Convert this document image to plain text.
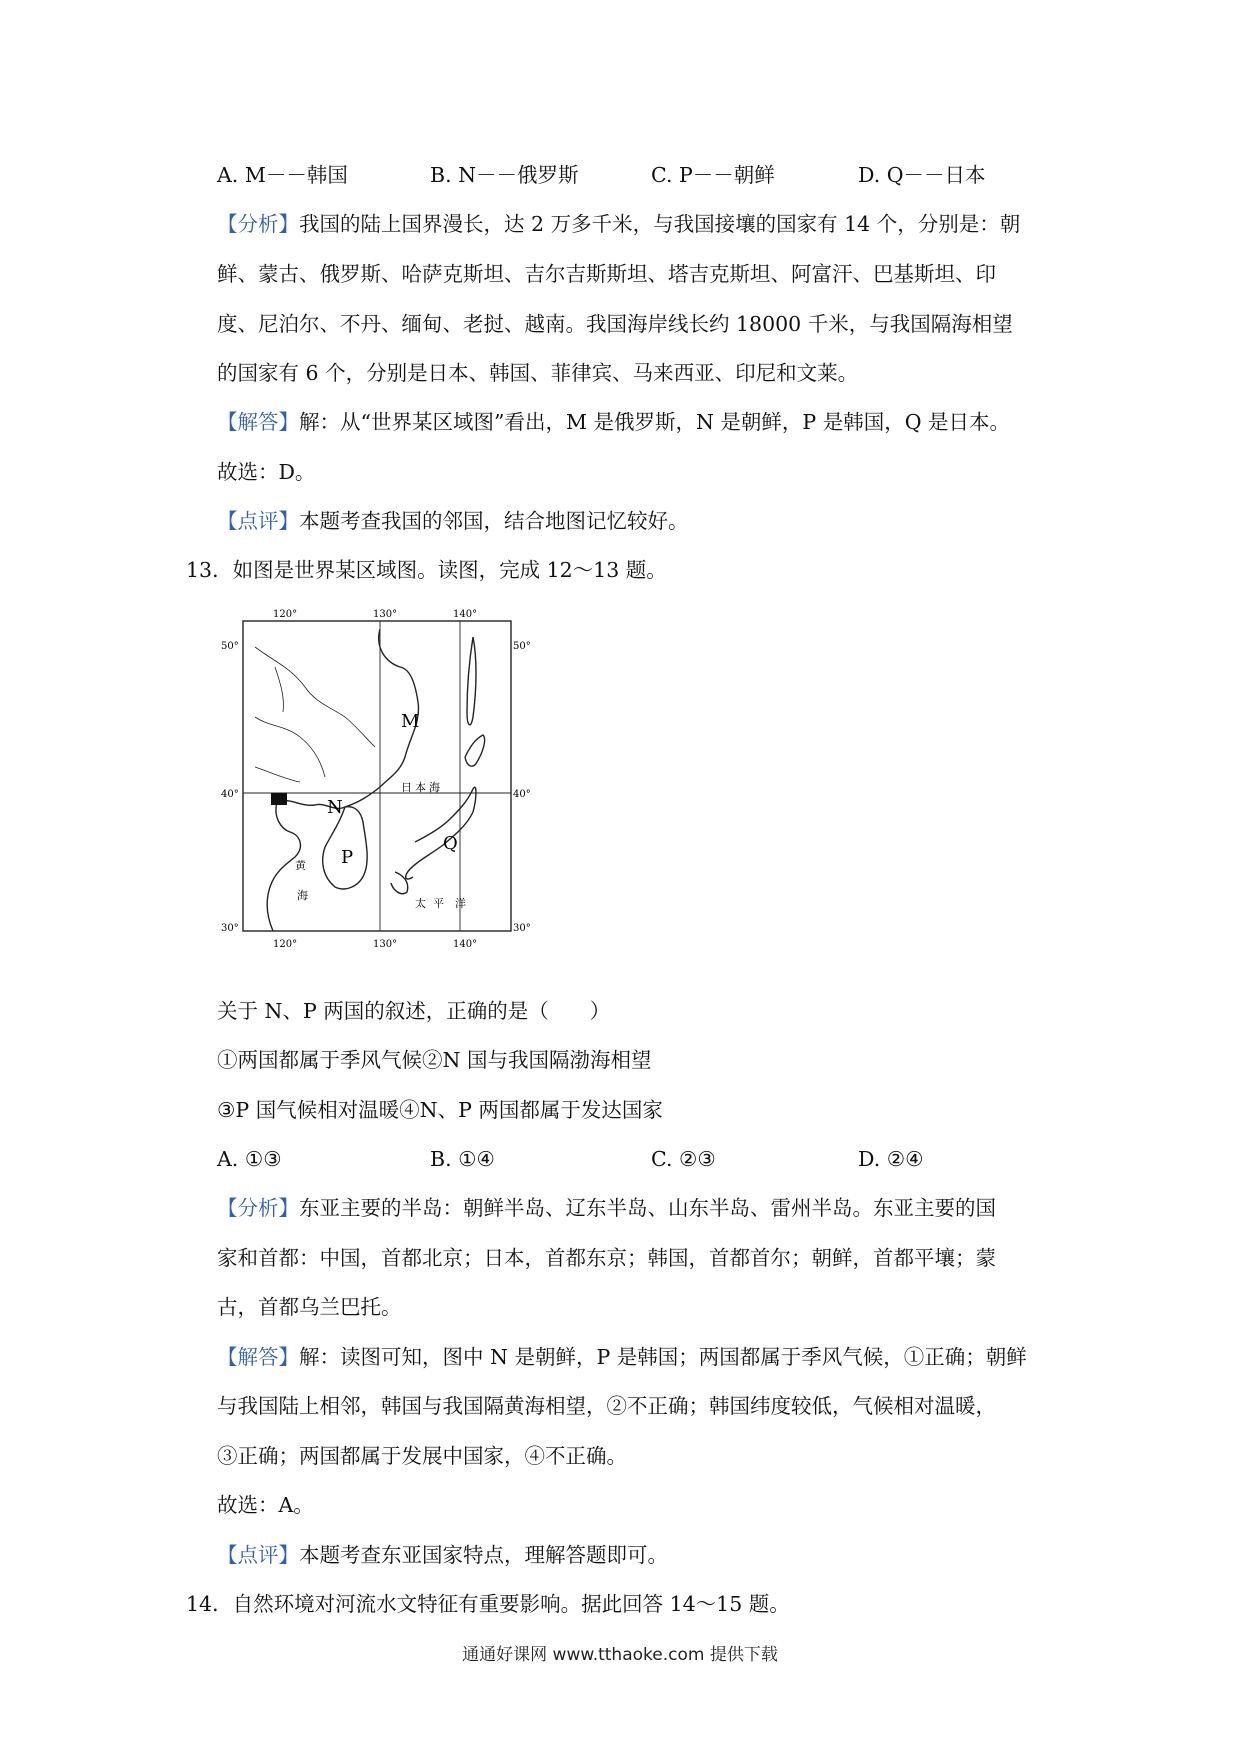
A. M－－韩国	B. N－－俄罗斯	C. P－－朝鲜	D. Q－－日本
【分析】我国的陆上国界漫长，达 2 万多千米，与我国接壤的国家有 14 个，分别是：朝
鲜、蒙古、俄罗斯、哈萨克斯坦、吉尔吉斯斯坦、塔吉克斯坦、阿富汗、巴基斯坦、印
度、尼泊尔、不丹、缅甸、老挝、越南。我国海岸线长约 18000 千米，与我国隔海相望
的国家有 6 个，分别是日本、韩国、菲律宾、马来西亚、印尼和文莱。
【解答】解：从“世界某区域图”看出，M 是俄罗斯，N 是朝鲜，P 是韩国，Q 是日本。
故选：D。
【点评】本题考查我国的邻国，结合地图记忆较好。
13．如图是世界某区域图。读图，完成 12～13 题。
120°	130°	140°
120°	130°	140°
50°	50°
40°	40°
30°	30°
M
N
P
Q
日 本 海
黄
海
太 平 洋
关于 N、P 两国的叙述，正确的是（　　）
①两国都属于季风气候②N 国与我国隔渤海相望
③P 国气候相对温暖④N、P 两国都属于发达国家
A. ①③	B. ①④	C. ②③	D. ②④
【分析】东亚主要的半岛：朝鲜半岛、辽东半岛、山东半岛、雷州半岛。东亚主要的国
家和首都：中国，首都北京；日本，首都东京；韩国，首都首尔；朝鲜，首都平壤；蒙
古，首都乌兰巴托。
【解答】解：读图可知，图中 N 是朝鲜，P 是韩国；两国都属于季风气候，①正确；朝鲜
与我国陆上相邻，韩国与我国隔黄海相望，②不正确；韩国纬度较低，气候相对温暖，
③正确；两国都属于发展中国家，④不正确。
故选：A。
【点评】本题考查东亚国家特点，理解答题即可。
14．自然环境对河流水文特征有重要影响。据此回答 14～15 题。
通通好课网 www.tthaoke.com 提供下载
